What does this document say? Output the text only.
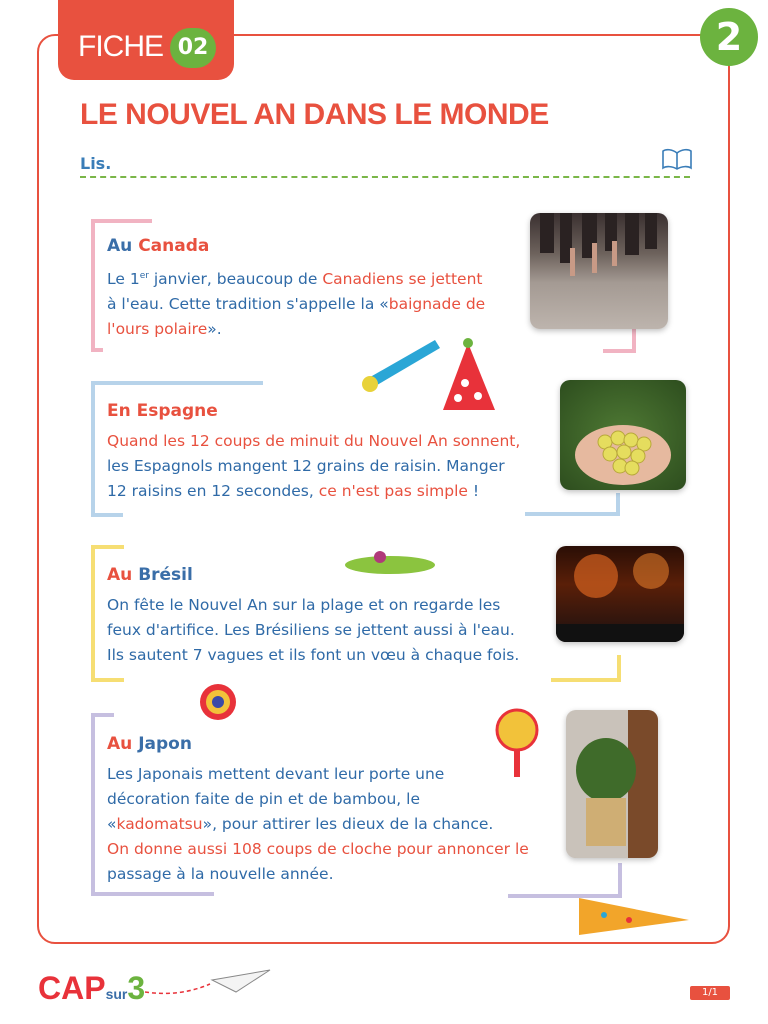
FICHE 02	2
LE NOUVEL AN DANS LE MONDE
Lis.
Au Canada
Le 1er janvier, beaucoup de Canadiens se jettent
à l'eau. Cette tradition s'appelle la «baignade de
l'ours polaire».
En Espagne
Quand les 12 coups de minuit du Nouvel An sonnent,
les Espagnols mangent 12 grains de raisin. Manger
12 raisins en 12 secondes, ce n'est pas simple !
Au Brésil
On fête le Nouvel An sur la plage et on regarde les
feux d'artifice. Les Brésiliens se jettent aussi à l'eau.
Ils sautent 7 vagues et ils font un vœu à chaque fois.
Au Japon
Les Japonais mettent devant leur porte une
décoration faite de pin et de bambou, le
«kadomatsu», pour attirer les dieux de la chance.
On donne aussi 108 coups de cloche pour annoncer le
passage à la nouvelle année.
CAPsur3	1/1
